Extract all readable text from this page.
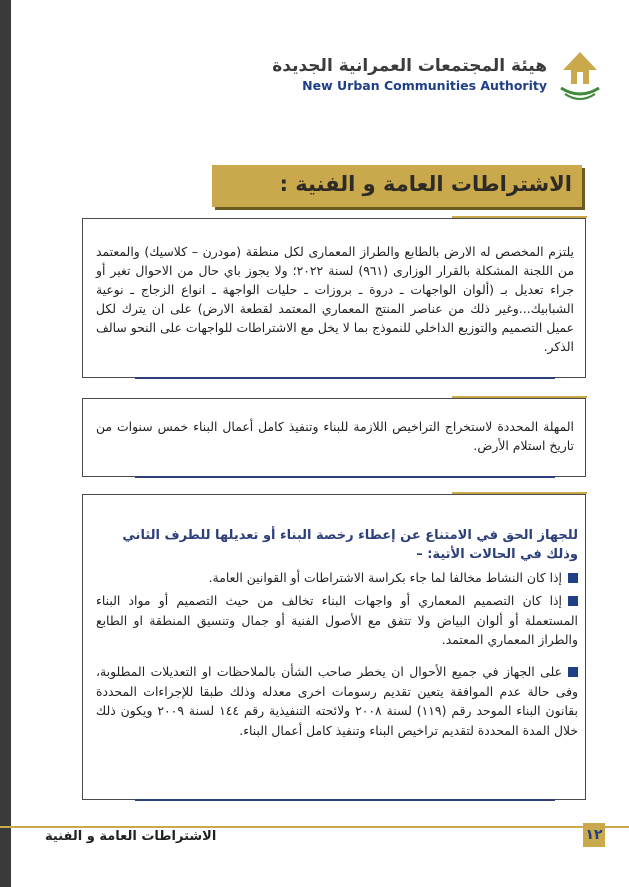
هيئة المجتمعات العمرانية الجديدة
New Urban Communities Authority
الاشتراطات العامة و الفنية :
يلتزم المخصص له الارض بالطابع والطراز المعمارى لكل منطقة (مودرن – كلاسيك) والمعتمد من اللجنة المشكلة بالقرار الوزارى (٩٦١) لسنة ٢٠٢٢؛ ولا يجوز باي حال من الاحوال تغير أو جراء تعديل بـ (ألوان الواجهات ـ دروة ـ بروزات ـ حليات الواجهة ـ انواع الزجاج ـ نوعية الشبابيك...وغير ذلك من عناصر المنتج المعماري المعتمد لقطعة الارض) على ان يترك لكل عميل التصميم والتوزيع الداخلي للنموذج بما لا يخل مع الاشتراطات للواجهات على النحو سالف الذكر.
المهلة المحددة لاستخراج التراخيص اللازمة للبناء وتنفيذ كامل أعمال البناء خمس سنوات من تاريخ استلام الأرض.
للجهاز الحق في الامتناع عن إعطاء رخصة البناء أو تعديلها للطرف الثاني وذلك في الحالات الأتية: –
إذا كان النشاط مخالفا لما جاء بكراسة الاشتراطات أو القوانين العامة.
إذا كان التصميم المعماري أو واجهات البناء تخالف من حيث التصميم أو مواد البناء المستعملة أو ألوان البياض ولا تتفق مع الأصول الفنية أو جمال وتنسيق المنطقة او الطابع والطراز المعماري المعتمد.
على الجهاز في جميع الأحوال ان يخطر صاحب الشأن بالملاحظات او التعديلات المطلوبة، وفى حالة عدم الموافقة يتعين تقديم رسومات اخرى معدله وذلك طبقا للإجراءات المحددة بقانون البناء الموحد رقم (١١٩) لسنة ٢٠٠٨ ولائحته التنفيذية رقم ١٤٤ لسنة ٢٠٠٩ ويكون ذلك خلال المدة المحددة لتقديم تراخيص البناء وتنفيذ كامل أعمال البناء.
الاشتراطات العامة و الفنية	١٢
